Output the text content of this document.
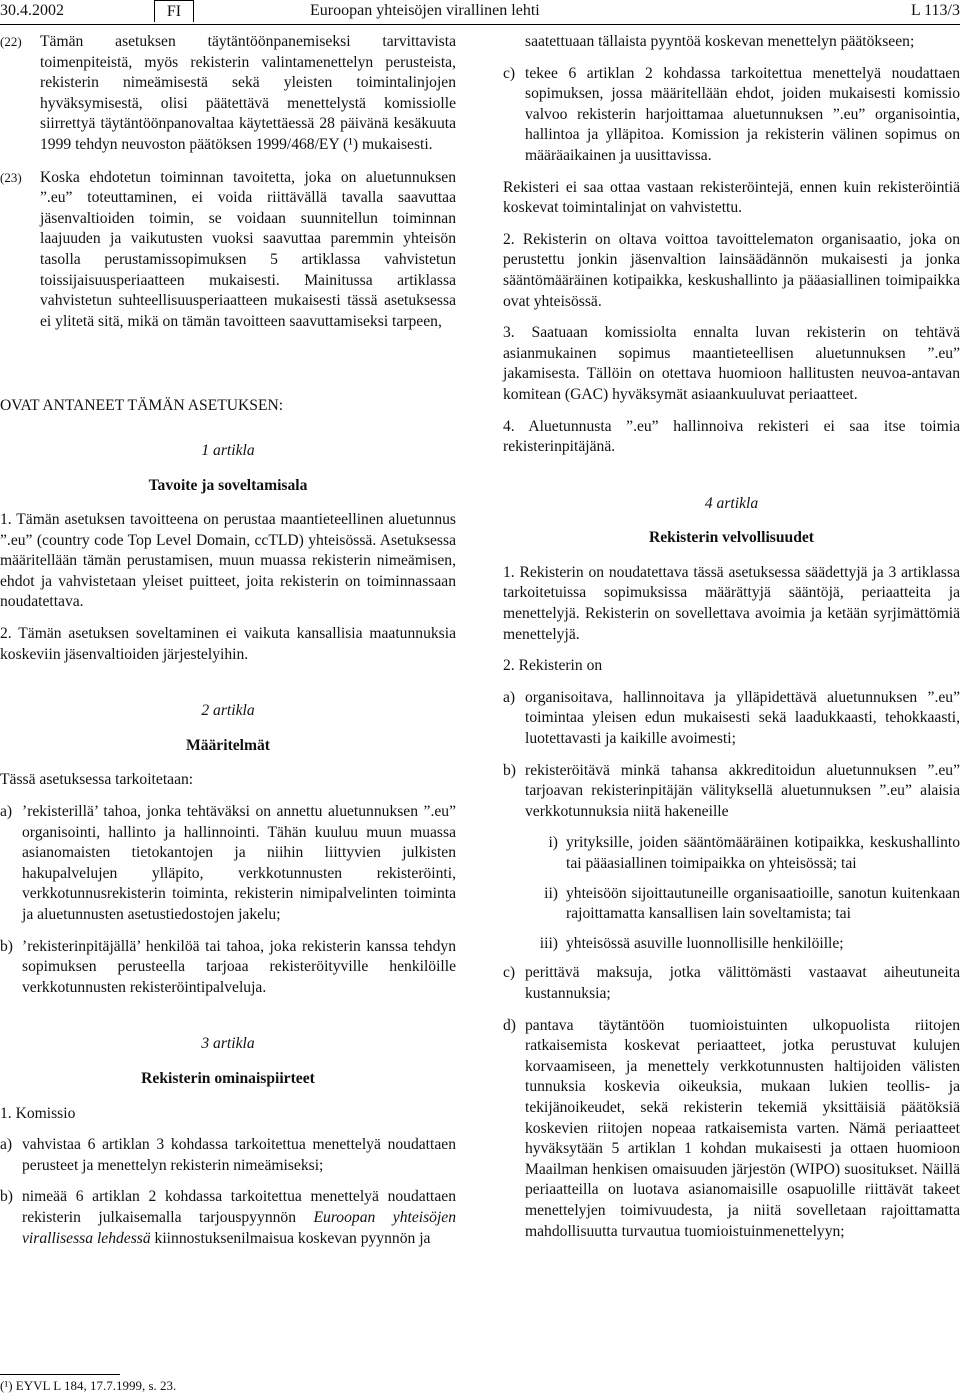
30.4.2002	FI	Euroopan yhteisöjen virallinen lehti	L 113/3
(22)	Tämän asetuksen täytäntöönpanemiseksi tarvittavista toimenpiteistä, myös rekisterin valintamenettelyn perusteista, rekisterin nimeämisestä sekä yleisten toimintalinjojen hyväksymisestä, olisi päätettävä menettelystä komissiolle siirrettyä täytäntöönpanovaltaa käytettäessä 28 päivänä kesäkuuta 1999 tehdyn neuvoston päätöksen 1999/468/EY (¹) mukaisesti.
(23)	Koska ehdotetun toiminnan tavoitetta, joka on aluetunnuksen ”.eu” toteuttaminen, ei voida riittävällä tavalla saavuttaa jäsenvaltioiden toimin, se voidaan suunnitellun toiminnan laajuuden ja vaikutusten vuoksi saavuttaa paremmin yhteisön tasolla perustamissopimuksen 5 artiklassa vahvistetun toissijaisuusperiaatteen mukaisesti. Mainitussa artiklassa vahvistetun suhteellisuusperiaatteen mukaisesti tässä asetuksessa ei ylitetä sitä, mikä on tämän tavoitteen saavuttamiseksi tarpeen,

OVAT ANTANEET TÄMÄN ASETUKSEN:

1 artikla
Tavoite ja soveltamisala

1. Tämän asetuksen tavoitteena on perustaa maantieteellinen aluetunnus ”.eu” (country code Top Level Domain, ccTLD) yhteisössä. Asetuksessa määritellään tämän perustamisen, muun muassa rekisterin nimeämisen, ehdot ja vahvistetaan yleiset puitteet, joita rekisterin on toiminnassaan noudatettava.

2. Tämän asetuksen soveltaminen ei vaikuta kansallisia maatunnuksia koskeviin jäsenvaltioiden järjestelyihin.

2 artikla
Määritelmät

Tässä asetuksessa tarkoitetaan:

a) ’rekisterillä’ tahoa, jonka tehtäväksi on annettu aluetunnuksen ”.eu” organisointi, hallinto ja hallinnointi. Tähän kuuluu muun muassa asianomaisten tietokantojen ja niihin liittyvien julkisten hakupalvelujen ylläpito, verkkotunnusten rekisteröinti, verkkotunnusrekisterin toiminta, rekisterin nimipalvelinten toiminta ja aluetunnusten asetustiedostojen jakelu;
b) ’rekisterinpitäjällä’ henkilöä tai tahoa, joka rekisterin kanssa tehdyn sopimuksen perusteella tarjoaa rekisteröityville henkilöille verkkotunnusten rekisteröintipalveluja.
3 artikla
Rekisterin ominaispiirteet

1. Komissio

a) vahvistaa 6 artiklan 3 kohdassa tarkoitettua menettelyä noudattaen perusteet ja menettelyn rekisterin nimeämiseksi;
b) nimeää 6 artiklan 2 kohdassa tarkoitettua menettelyä noudattaen rekisterin julkaisemalla tarjouspyynnön Euroopan yhteisöjen virallisessa lehdessä kiinnostuksenilmaisua koskevan pyynnön ja
(¹) EYVL L 184, 17.7.1999, s. 23.

saatettuaan tällaista pyyntöä koskevan menettelyn päätökseen;

c) tekee 6 artiklan 2 kohdassa tarkoitettua menettelyä noudattaen sopimuksen, jossa määritellään ehdot, joiden mukaisesti komissio valvoo rekisterin harjoittamaa aluetunnuksen ”.eu” organisointia, hallintoa ja ylläpitoa. Komission ja rekisterin välinen sopimus on määräaikainen ja uusittavissa.

Rekisteri ei saa ottaa vastaan rekisteröintejä, ennen kuin rekisteröintiä koskevat toimintalinjat on vahvistettu.

2. Rekisterin on oltava voittoa tavoittelematon organisaatio, joka on perustettu jonkin jäsenvaltion lainsäädännön mukaisesti ja jonka sääntömääräinen kotipaikka, keskushallinto ja pääasiallinen toimipaikka ovat yhteisössä.

3. Saatuaan komissiolta ennalta luvan rekisterin on tehtävä asianmukainen sopimus maantieteellisen aluetunnuksen ”.eu” jakamisesta. Tällöin on otettava huomioon hallitusten neuvoa-antavan komitean (GAC) hyväksymät asiaankuuluvat periaatteet.

4. Aluetunnusta ”.eu” hallinnoiva rekisteri ei saa itse toimia rekisterinpitäjänä.

4 artikla
Rekisterin velvollisuudet

1. Rekisterin on noudatettava tässä asetuksessa säädettyjä ja 3 artiklassa tarkoitetuissa sopimuksissa määrättyjä sääntöjä, periaatteita ja menettelyjä. Rekisterin on sovellettava avoimia ja ketään syrjimättömiä menettelyjä.

2. Rekisterin on

a) organisoitava, hallinnoitava ja ylläpidettävä aluetunnuksen ”.eu” toimintaa yleisen edun mukaisesti sekä laadukkaasti, tehokkaasti, luotettavasti ja kaikille avoimesti;
b) rekisteröitävä minkä tahansa akkreditoidun aluetunnuksen ”.eu” tarjoavan rekisterinpitäjän välityksellä aluetunnuksen ”.eu” alaisia verkkotunnuksia niitä hakeneille
i) yrityksille, joiden sääntömääräinen kotipaikka, keskushallinto tai pääasiallinen toimipaikka on yhteisössä; tai
ii) yhteisöön sijoittautuneille organisaatioille, sanotun kuitenkaan rajoittamatta kansallisen lain soveltamista; tai
iii) yhteisössä asuville luonnollisille henkilöille;
c) perittävä maksuja, jotka välittömästi vastaavat aiheutuneita kustannuksia;
d) pantava täytäntöön tuomioistuinten ulkopuolista riitojen ratkaisemista koskevat periaatteet, jotka perustuvat kulujen korvaamiseen, ja menettely verkkotunnusten haltijoiden välisten tunnuksia koskevia oikeuksia, mukaan lukien teollis- ja tekijänoikeudet, sekä rekisterin tekemiä yksittäisiä päätöksiä koskevien riitojen nopeaa ratkaisemista varten. Nämä periaatteet hyväksytään 5 artiklan 1 kohdan mukaisesti ja ottaen huomioon Maailman henkisen omaisuuden järjestön (WIPO) suositukset. Näillä periaatteilla on luotava asianomaisille osapuolille riittävät takeet menettelyjen toimivuudesta, ja niitä sovelletaan rajoittamatta mahdollisuutta turvautua tuomioistuinmenettelyyn;
